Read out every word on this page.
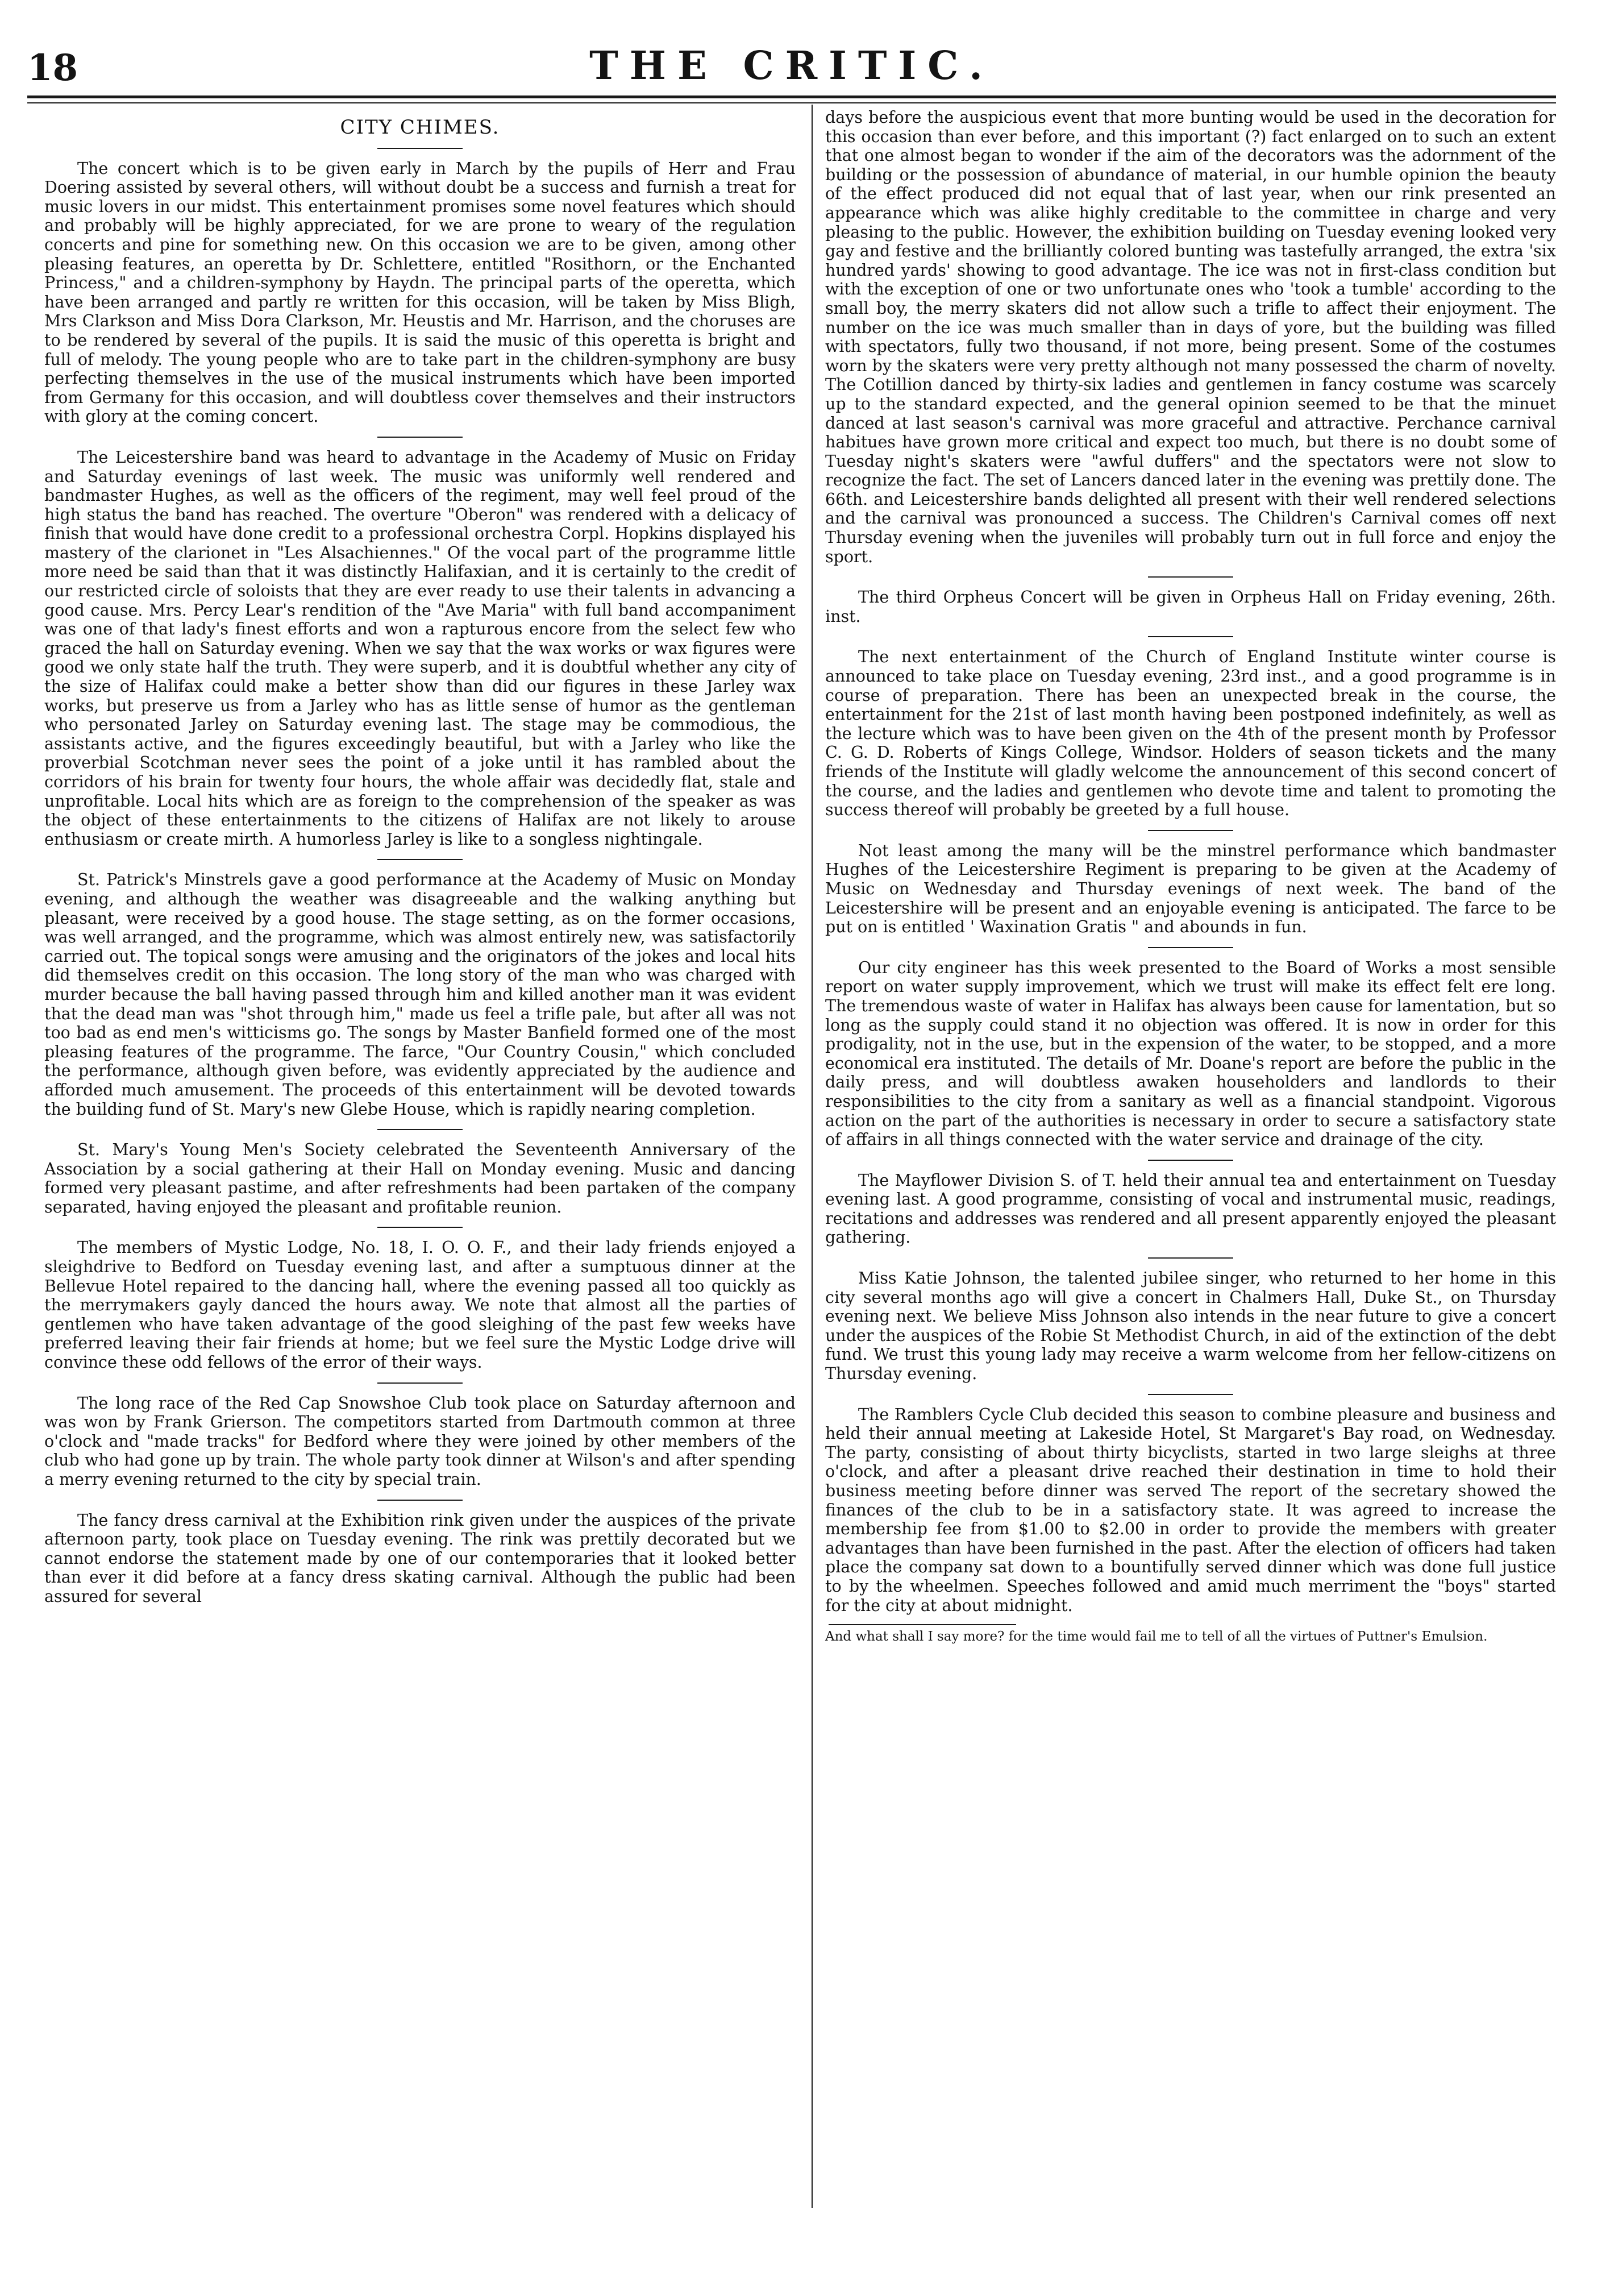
18	THE CRITIC.
CITY CHIMES.

The concert which is to be given early in March by the pupils of Herr and Frau Doering assisted by several others, will without doubt be a success and furnish a treat for music lovers in our midst. This entertainment promises some novel features which should and probably will be highly appreciated, for we are prone to weary of the regulation concerts and pine for something new. On this occasion we are to be given, among other pleasing features, an operetta by Dr. Schlettere, entitled "Rosithorn, or the Enchanted Princess," and a children-symphony by Haydn. The principal parts of the operetta, which have been arranged and partly re written for this occasion, will be taken by Miss Bligh, Mrs Clarkson and Miss Dora Clarkson, Mr. Heustis and Mr. Harrison, and the choruses are to be rendered by several of the pupils. It is said the music of this operetta is bright and full of melody. The young people who are to take part in the children-symphony are busy perfecting themselves in the use of the musical instruments which have been imported from Germany for this occasion, and will doubtless cover themselves and their instructors with glory at the coming concert.

The Leicestershire band was heard to advantage in the Academy of Music on Friday and Saturday evenings of last week. The music was uniformly well rendered and bandmaster Hughes, as well as the officers of the regiment, may well feel proud of the high status the band has reached. The overture "Oberon" was rendered with a delicacy of finish that would have done credit to a professional orchestra Corpl. Hopkins displayed his mastery of the clarionet in "Les Alsachiennes." Of the vocal part of the programme little more need be said than that it was distinctly Halifaxian, and it is certainly to the credit of our restricted circle of soloists that they are ever ready to use their talents in advancing a good cause. Mrs. Percy Lear's rendition of the "Ave Maria" with full band accompaniment was one of that lady's finest efforts and won a rapturous encore from the select few who graced the hall on Saturday evening. When we say that the wax works or wax figures were good we only state half the truth. They were superb, and it is doubtful whether any city of the size of Halifax could make a better show than did our figures in these Jarley wax works, but preserve us from a Jarley who has as little sense of humor as the gentleman who personated Jarley on Saturday evening last. The stage may be commodious, the assistants active, and the figures exceedingly beautiful, but with a Jarley who like the proverbial Scotchman never sees the point of a joke until it has rambled about the corridors of his brain for twenty four hours, the whole affair was decidedly flat, stale and unprofitable. Local hits which are as foreign to the comprehension of the speaker as was the object of these entertainments to the citizens of Halifax are not likely to arouse enthusiasm or create mirth. A humorless Jarley is like to a songless nightingale.

St. Patrick's Minstrels gave a good performance at the Academy of Music on Monday evening, and although the weather was disagreeable and the walking anything but pleasant, were received by a good house. The stage setting, as on the former occasions, was well arranged, and the programme, which was almost entirely new, was satisfactorily carried out. The topical songs were amusing and the originators of the jokes and local hits did themselves credit on this occasion. The long story of the man who was charged with murder because the ball having passed through him and killed another man it was evident that the dead man was "shot through him," made us feel a trifle pale, but after all was not too bad as end men's witticisms go. The songs by Master Banfield formed one of the most pleasing features of the programme. The farce, "Our Country Cousin," which concluded the performance, although given before, was evidently appreciated by the audience and afforded much amusement. The proceeds of this entertainment will be devoted towards the building fund of St. Mary's new Glebe House, which is rapidly nearing completion.

St. Mary's Young Men's Society celebrated the Seventeenth Anniversary of the Association by a social gathering at their Hall on Monday evening. Music and dancing formed very pleasant pastime, and after refreshments had been partaken of the company separated, having enjoyed the pleasant and profitable reunion.

The members of Mystic Lodge, No. 18, I. O. O. F., and their lady friends enjoyed a sleighdrive to Bedford on Tuesday evening last, and after a sumptuous dinner at the Bellevue Hotel repaired to the dancing hall, where the evening passed all too quickly as the merrymakers gayly danced the hours away. We note that almost all the parties of gentlemen who have taken advantage of the good sleighing of the past few weeks have preferred leaving their fair friends at home; but we feel sure the Mystic Lodge drive will convince these odd fellows of the error of their ways.

The long race of the Red Cap Snowshoe Club took place on Saturday afternoon and was won by Frank Grierson. The competitors started from Dartmouth common at three o'clock and "made tracks" for Bedford where they were joined by other members of the club who had gone up by train. The whole party took dinner at Wilson's and after spending a merry evening returned to the city by special train.

The fancy dress carnival at the Exhibition rink given under the auspices of the private afternoon party, took place on Tuesday evening. The rink was prettily decorated but we cannot endorse the statement made by one of our contemporaries that it looked better than ever it did before at a fancy dress skating carnival. Although the public had been assured for several

days before the auspicious event that more bunting would be used in the decoration for this occasion than ever before, and this important (?) fact enlarged on to such an extent that one almost began to wonder if the aim of the decorators was the adornment of the building or the possession of abundance of material, in our humble opinion the beauty of the effect produced did not equal that of last year, when our rink presented an appearance which was alike highly creditable to the committee in charge and very pleasing to the public. However, the exhibition building on Tuesday evening looked very gay and festive and the brilliantly colored bunting was tastefully arranged, the extra 'six hundred yards' showing to good advantage. The ice was not in first-class condition but with the exception of one or two unfortunate ones who 'took a tumble' according to the small boy, the merry skaters did not allow such a trifle to affect their enjoyment. The number on the ice was much smaller than in days of yore, but the building was filled with spectators, fully two thousand, if not more, being present. Some of the costumes worn by the skaters were very pretty although not many possessed the charm of novelty. The Cotillion danced by thirty-six ladies and gentlemen in fancy costume was scarcely up to the standard expected, and the general opinion seemed to be that the minuet danced at last season's carnival was more graceful and attractive. Perchance carnival habitues have grown more critical and expect too much, but there is no doubt some of Tuesday night's skaters were "awful duffers" and the spectators were not slow to recognize the fact. The set of Lancers danced later in the evening was prettily done. The 66th. and Leicestershire bands delighted all present with their well rendered selections and the carnival was pronounced a success. The Children's Carnival comes off next Thursday evening when the juveniles will probably turn out in full force and enjoy the sport.

The third Orpheus Concert will be given in Orpheus Hall on Friday evening, 26th. inst.

The next entertainment of the Church of England Institute winter course is announced to take place on Tuesday evening, 23rd inst., and a good programme is in course of preparation. There has been an unexpected break in the course, the entertainment for the 21st of last month having been postponed indefinitely, as well as the lecture which was to have been given on the 4th of the present month by Professor C. G. D. Roberts of Kings College, Windsor. Holders of season tickets and the many friends of the Institute will gladly welcome the announcement of this second concert of the course, and the ladies and gentlemen who devote time and talent to promoting the success thereof will probably be greeted by a full house.

Not least among the many will be the minstrel performance which bandmaster Hughes of the Leicestershire Regiment is preparing to be given at the Academy of Music on Wednesday and Thursday evenings of next week. The band of the Leicestershire will be present and an enjoyable evening is anticipated. The farce to be put on is entitled ' Waxination Gratis " and abounds in fun.

Our city engineer has this week presented to the Board of Works a most sensible report on water supply improvement, which we trust will make its effect felt ere long. The tremendous waste of water in Halifax has always been cause for lamentation, but so long as the supply could stand it no objection was offered. It is now in order for this prodigality, not in the use, but in the expension of the water, to be stopped, and a more economical era instituted. The details of Mr. Doane's report are before the public in the daily press, and will doubtless awaken householders and landlords to their responsibilities to the city from a sanitary as well as a financial standpoint. Vigorous action on the part of the authorities is necessary in order to secure a satisfactory state of affairs in all things connected with the water service and drainage of the city.

The Mayflower Division S. of T. held their annual tea and entertainment on Tuesday evening last. A good programme, consisting of vocal and instrumental music, readings, recitations and addresses was rendered and all present apparently enjoyed the pleasant gathering.

Miss Katie Johnson, the talented jubilee singer, who returned to her home in this city several months ago will give a concert in Chalmers Hall, Duke St., on Thursday evening next. We believe Miss Johnson also intends in the near future to give a concert under the auspices of the Robie St Methodist Church, in aid of the extinction of the debt fund. We trust this young lady may receive a warm welcome from her fellow-citizens on Thursday evening.

The Ramblers Cycle Club decided this season to combine pleasure and business and held their annual meeting at Lakeside Hotel, St Margaret's Bay road, on Wednesday. The party, consisting of about thirty bicyclists, started in two large sleighs at three o'clock, and after a pleasant drive reached their destination in time to hold their business meeting before dinner was served The report of the secretary showed the finances of the club to be in a satisfactory state. It was agreed to increase the membership fee from $1.00 to $2.00 in order to provide the members with greater advantages than have been furnished in the past. After the election of officers had taken place the company sat down to a bountifully served dinner which was done full justice to by the wheelmen. Speeches followed and amid much merriment the "boys" started for the city at about midnight.

And what shall I say more? for the time would fail me to tell of all the virtues of Puttner's Emulsion.
